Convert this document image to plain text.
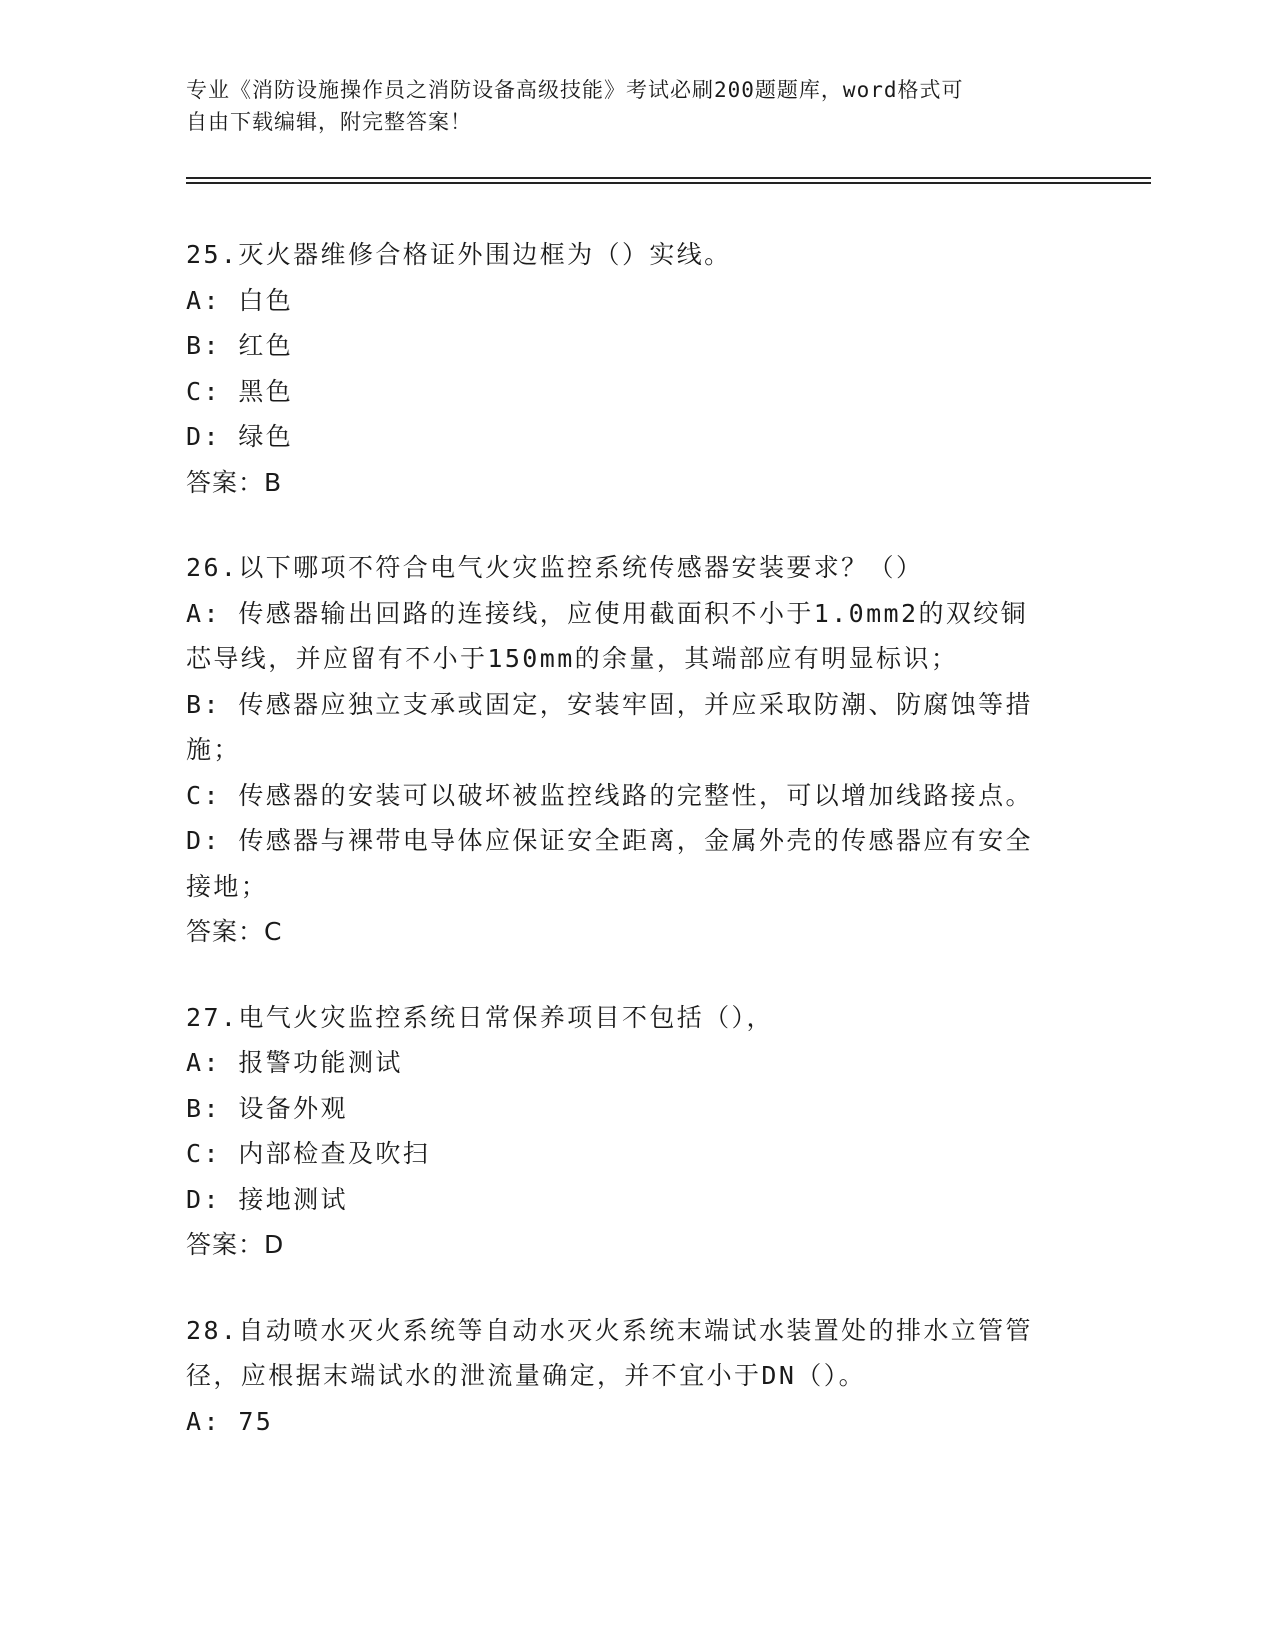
专业《消防设施操作员之消防设备高级技能》考试必刷200题题库，word格式可
自由下载编辑，附完整答案！
25.灭火器维修合格证外围边框为（）实线。
A: 白色
B: 红色
C: 黑色
D: 绿色
答案：B
26.以下哪项不符合电气火灾监控系统传感器安装要求？（）
A: 传感器输出回路的连接线，应使用截面积不小于1.0mm2的双绞铜
芯导线，并应留有不小于150mm的余量，其端部应有明显标识；
B: 传感器应独立支承或固定，安装牢固，并应采取防潮、防腐蚀等措
施；
C: 传感器的安装可以破坏被监控线路的完整性，可以增加线路接点。
D: 传感器与裸带电导体应保证安全距离，金属外壳的传感器应有安全
接地；
答案：C
27.电气火灾监控系统日常保养项目不包括（），
A: 报警功能测试
B: 设备外观
C: 内部检查及吹扫
D: 接地测试
答案：D
28.自动喷水灭火系统等自动水灭火系统末端试水装置处的排水立管管
径，应根据末端试水的泄流量确定，并不宜小于DN（）。
A: 75
